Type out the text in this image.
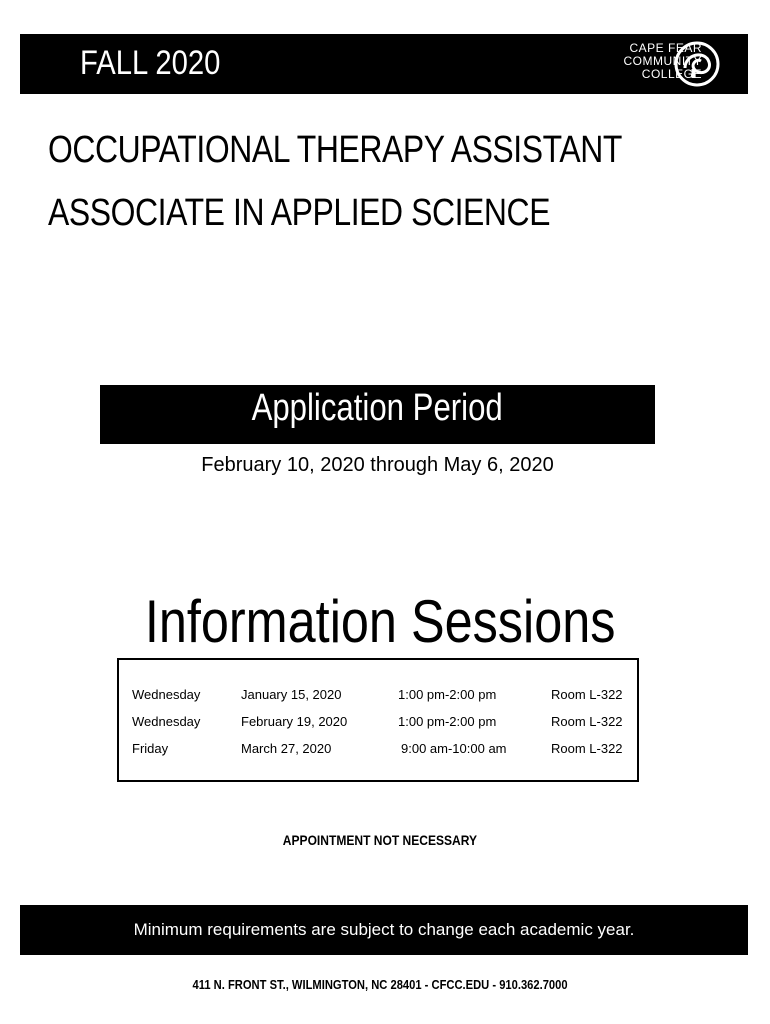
FALL 2020	CAPE FEAR
COMMUNITY
COLLEGE
OCCUPATIONAL THERAPY ASSISTANT
ASSOCIATE IN APPLIED SCIENCE
Application Period
February 10, 2020 through May 6, 2020
Information Sessions
Wednesday	January 15, 2020	1:00 pm-2:00 pm	Room L-322
Wednesday	February 19, 2020	1:00 pm-2:00 pm	Room L-322
Friday	March 27, 2020	9:00 am-10:00 am	Room L-322
APPOINTMENT NOT NECESSARY
Minimum requirements are subject to change each academic year.
411 N. FRONT ST., WILMINGTON, NC 28401 - CFCC.EDU - 910.362.7000
